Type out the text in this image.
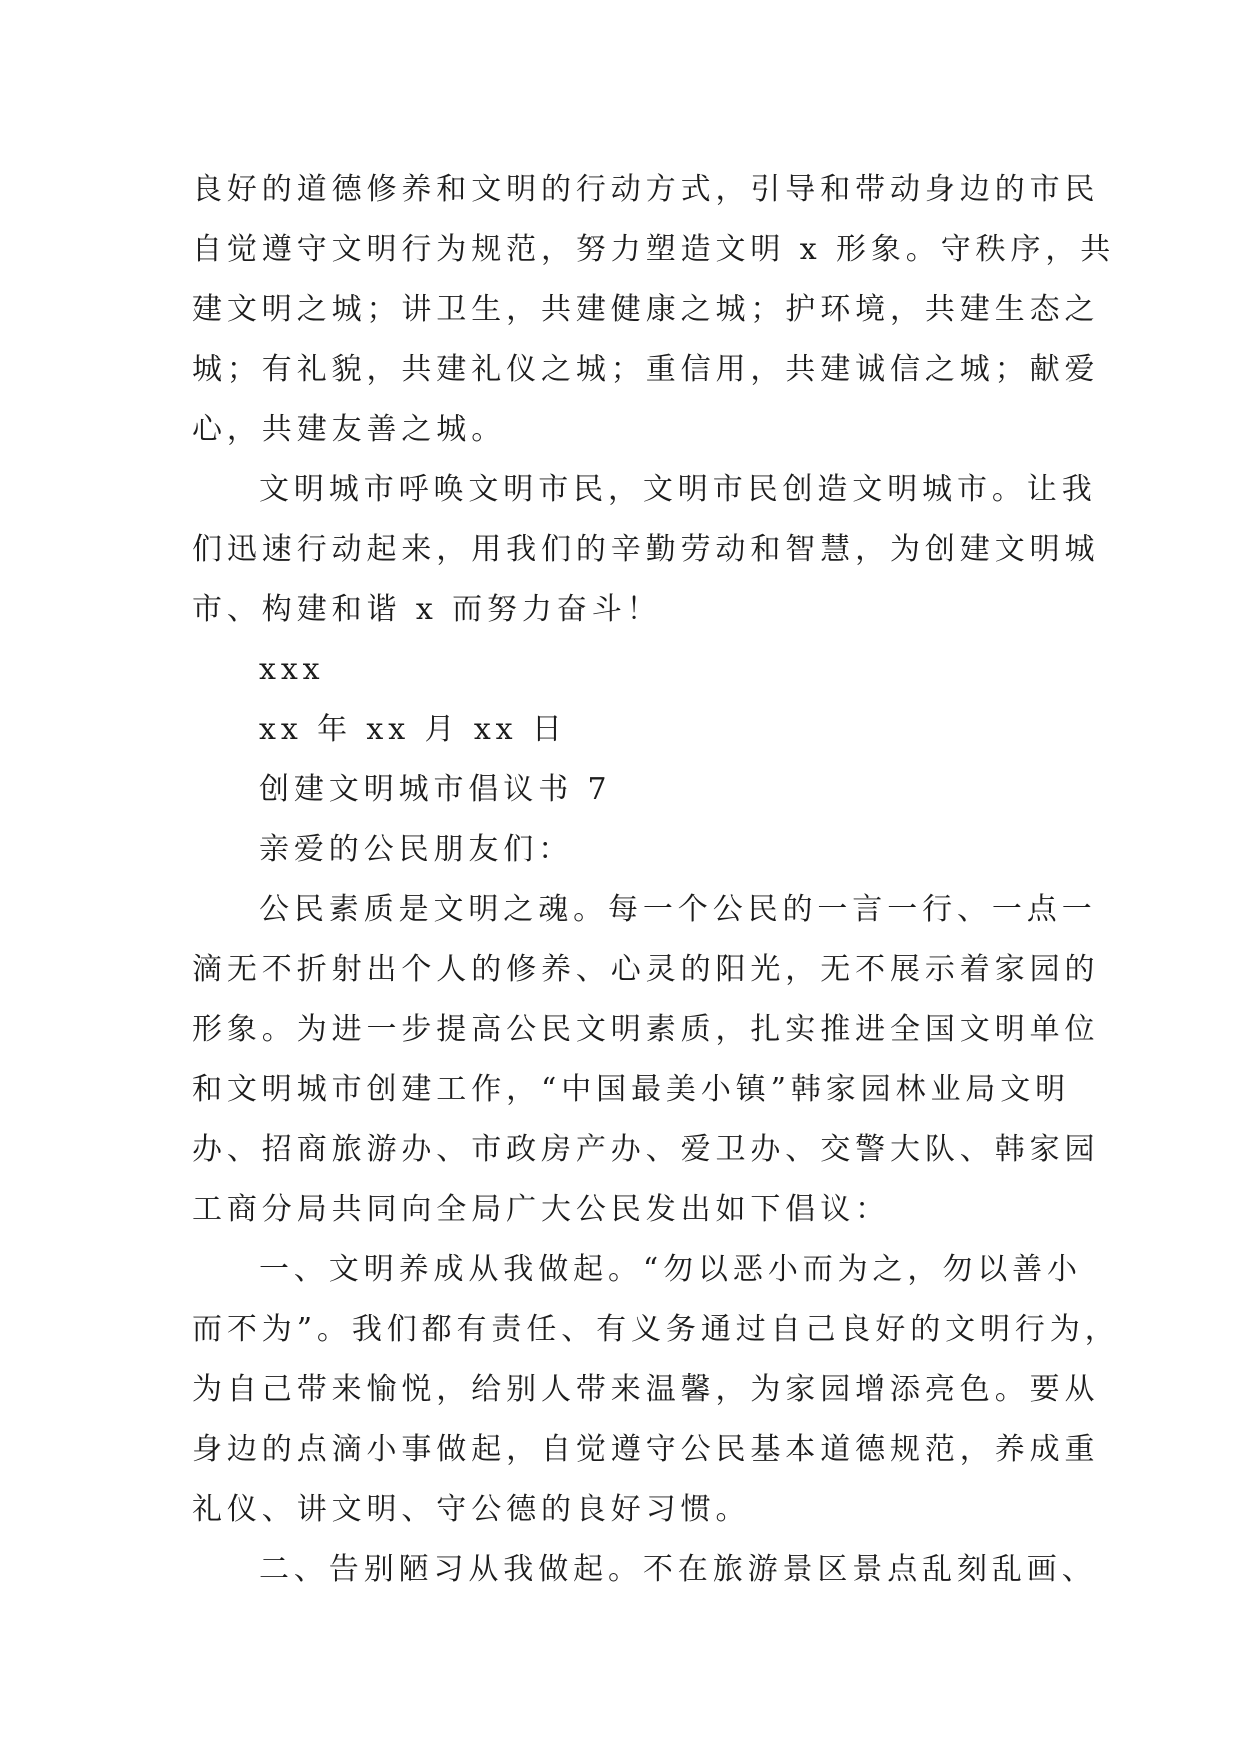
良好的道德修养和文明的行动方式，引导和带动身边的市民
自觉遵守文明行为规范，努力塑造文明 x 形象。守秩序，共
建文明之城；讲卫生，共建健康之城；护环境，共建生态之
城；有礼貌，共建礼仪之城；重信用，共建诚信之城；献爱
心，共建友善之城。
文明城市呼唤文明市民，文明市民创造文明城市。让我
们迅速行动起来，用我们的辛勤劳动和智慧，为创建文明城
市、构建和谐 x 而努力奋斗！
xxx
xx 年 xx 月 xx 日
创建文明城市倡议书 7
亲爱的公民朋友们：
公民素质是文明之魂。每一个公民的一言一行、一点一
滴无不折射出个人的修养、心灵的阳光，无不展示着家园的
形象。为进一步提高公民文明素质，扎实推进全国文明单位
和文明城市创建工作，“中国最美小镇”韩家园林业局文明
办、招商旅游办、市政房产办、爱卫办、交警大队、韩家园
工商分局共同向全局广大公民发出如下倡议：
一、文明养成从我做起。“勿以恶小而为之，勿以善小
而不为”。我们都有责任、有义务通过自己良好的文明行为，
为自己带来愉悦，给别人带来温馨，为家园增添亮色。要从
身边的点滴小事做起，自觉遵守公民基本道德规范，养成重
礼仪、讲文明、守公德的良好习惯。
二、告别陋习从我做起。不在旅游景区景点乱刻乱画、
